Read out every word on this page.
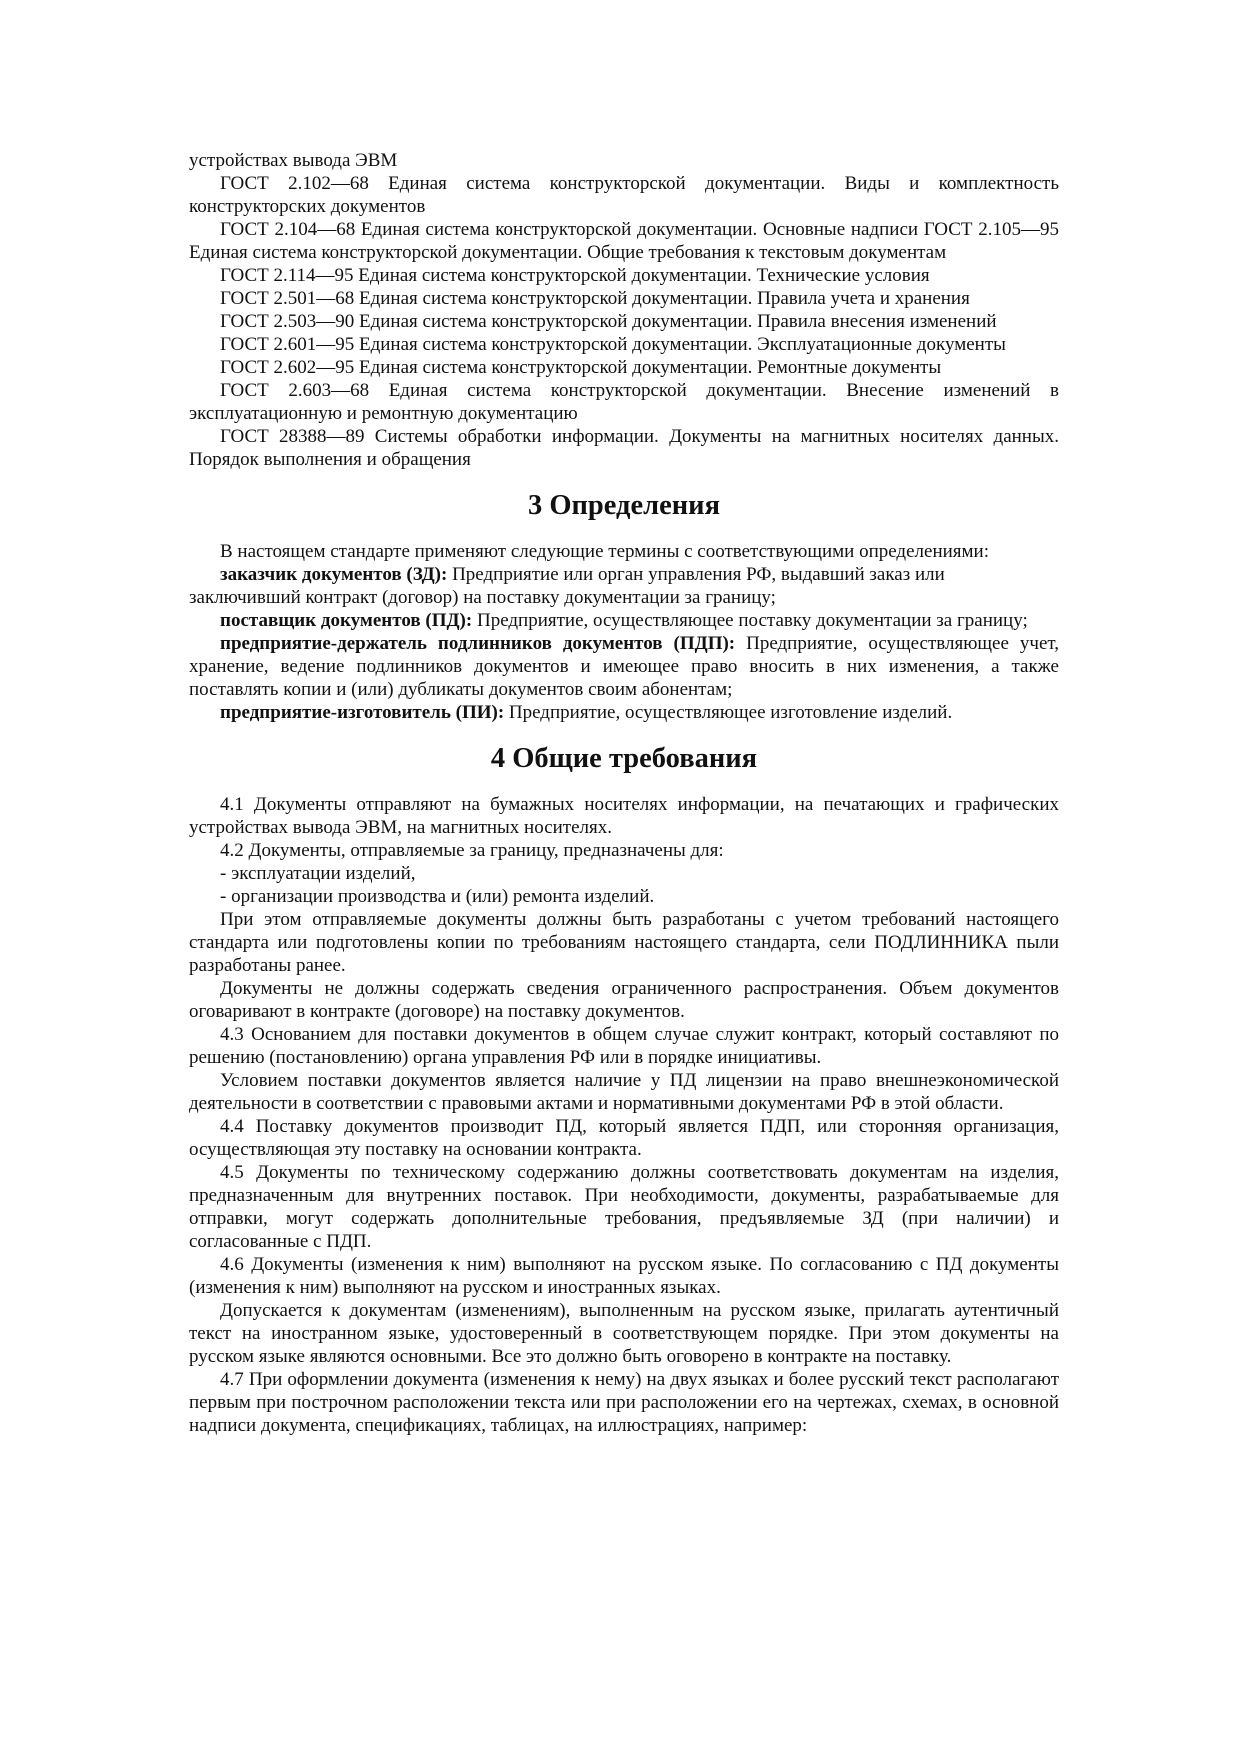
устройствах вывода ЭВМ

ГОСТ 2.102—68 Единая система конструкторской документации. Виды и комплектность конструкторских документов

ГОСТ 2.104—68 Единая система конструкторской документации. Основные надписи ГОСТ 2.105—95 Единая система конструкторской документации. Общие требования к текстовым документам

ГОСТ 2.114—95 Единая система конструкторской документации. Технические условия

ГОСТ 2.501—68 Единая система конструкторской документации. Правила учета и хранения

ГОСТ 2.503—90 Единая система конструкторской документации. Правила внесения изменений

ГОСТ 2.601—95 Единая система конструкторской документации. Эксплуатационные документы

ГОСТ 2.602—95 Единая система конструкторской документации. Ремонтные документы

ГОСТ 2.603—68 Единая система конструкторской документации. Внесение изменений в эксплуатационную и ремонтную документацию

ГОСТ 28388—89 Системы обработки информации. Документы на магнитных носителях данных. Порядок выполнения и обращения

3 Определения

В настоящем стандарте применяют следующие термины с соответствующими определениями:

заказчик документов (ЗД): Предприятие или орган управления РФ, выдавший заказ или заключивший контракт (договор) на поставку документации за границу;

поставщик документов (ПД): Предприятие, осуществляющее поставку документации за границу;

предприятие-держатель подлинников документов (ПДП): Предприятие, осуществляющее учет, хранение, ведение подлинников документов и имеющее право вносить в них изменения, а также поставлять копии и (или) дубликаты документов своим абонентам;

предприятие-изготовитель (ПИ): Предприятие, осуществляющее изготовление изделий.

4 Общие требования

4.1 Документы отправляют на бумажных носителях информации, на печатающих и графических устройствах вывода ЭВМ, на магнитных носителях.

4.2 Документы, отправляемые за границу, предназначены для:

- эксплуатации изделий,

- организации производства и (или) ремонта изделий.

При этом отправляемые документы должны быть разработаны с учетом требований настоящего стандарта или подготовлены копии по требованиям настоящего стандарта, сели ПОДЛИННИКА пыли разработаны ранее.

Документы не должны содержать сведения ограниченного распространения. Объем документов оговаривают в контракте (договоре) на поставку документов.

4.3 Основанием для поставки документов в общем случае служит контракт, который составляют по решению (постановлению) органа управления РФ или в порядке инициативы.

Условием поставки документов является наличие у ПД лицензии на право внешнеэкономической деятельности в соответствии с правовыми актами и нормативными документами РФ в этой области.

4.4 Поставку документов производит ПД, который является ПДП, или сторонняя организация, осуществляющая эту поставку на основании контракта.

4.5 Документы по техническому содержанию должны соответствовать документам на изделия, предназначенным для внутренних поставок. При необходимости, документы, разрабатываемые для отправки, могут содержать дополнительные требования, предъявляемые ЗД (при наличии) и согласованные с ПДП.

4.6 Документы (изменения к ним) выполняют на русском языке. По согласованию с ПД документы (изменения к ним) выполняют на русском и иностранных языках.

Допускается к документам (изменениям), выполненным на русском языке, прилагать аутентичный текст на иностранном языке, удостоверенный в соответствующем порядке. При этом документы на русском языке являются основными. Все это должно быть оговорено в контракте на поставку.

4.7 При оформлении документа (изменения к нему) на двух языках и более русский текст располагают первым при построчном расположении текста или при расположении его на чертежах, схемах, в основной надписи документа, спецификациях, таблицах, на иллюстрациях, например:
